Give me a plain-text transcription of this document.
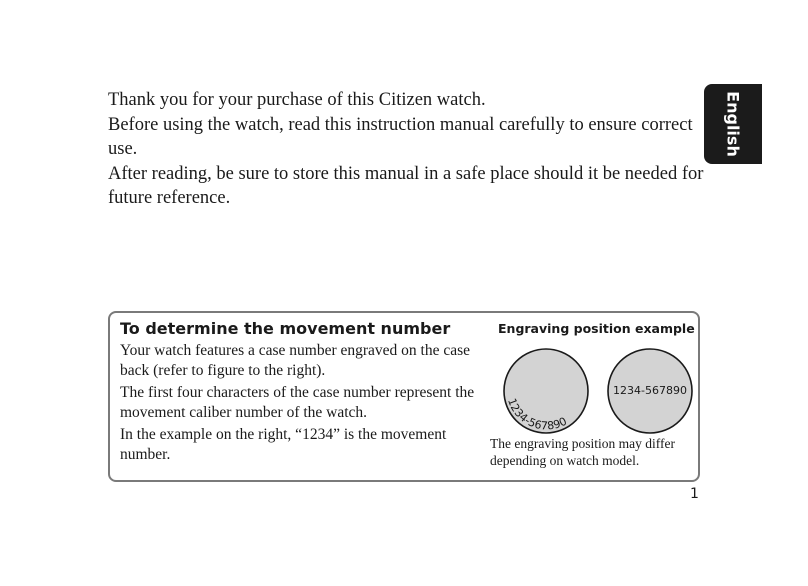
Thank you for your purchase of this Citizen watch.

Before using the watch, read this instruction manual carefully to ensure correct use.

After reading, be sure to store this manual in a safe place should it be needed for future reference.

English
To determine the movement number

Your watch features a case number engraved on the case back (refer to figure to the right).

The first four characters of the case number represent the movement caliber number of the watch.

In the example on the right, “1234” is the movement number.

Engraving position example
1234-567890
1234-567890
The engraving position may differ depending on watch model.
1
